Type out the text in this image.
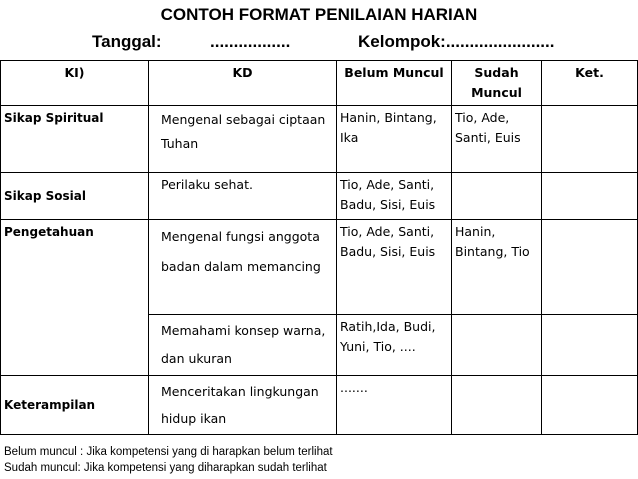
CONTOH FORMAT PENILAIAN HARIAN
Tanggal:	.................	Kelompok:.......................
KI)	KD	Belum Muncul	Sudah Muncul	Ket.
Sikap Spiritual	Mengenal sebagai ciptaan Tuhan	Hanin, Bintang, Ika	Tio, Ade, Santi, Euis	
Sikap Sosial	Perilaku sehat.	Tio, Ade, Santi, Badu, Sisi, Euis		
Pengetahuan	Mengenal fungsi anggota badan dalam memancing	Tio, Ade, Santi, Badu, Sisi, Euis	Hanin, Bintang, Tio	
	Memahami konsep warna, dan ukuran	Ratih,Ida, Budi, Yuni, Tio, ....		
Keterampilan	Menceritakan lingkungan hidup ikan	.......		
Belum muncul : Jika kompetensi yang di harapkan belum terlihat
Sudah muncul: Jika kompetensi yang diharapkan sudah terlihat
